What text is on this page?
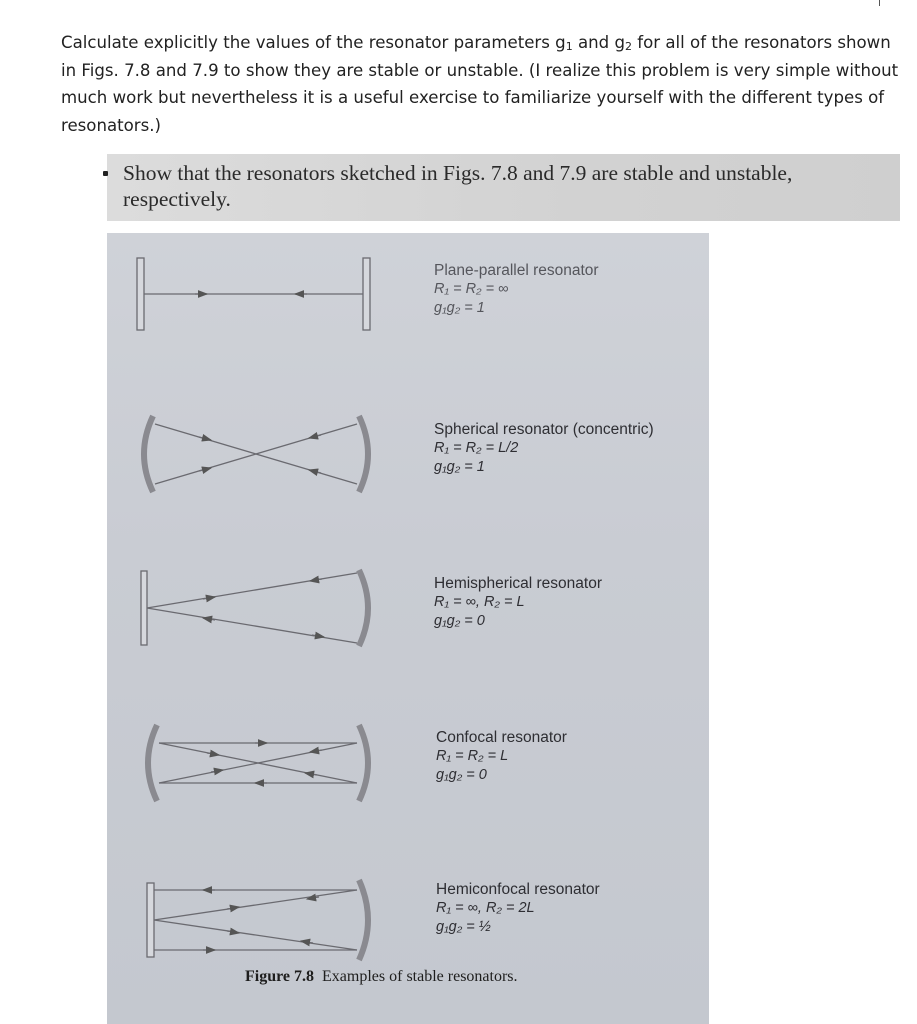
Calculate explicitly the values of the resonator parameters $g_1$ and $g_2$ for all of the resonators shown in Figs. 7.8 and 7.9 to show they are stable or unstable. (I realize this problem is very simple without much work but nevertheless it is a useful exercise to familiarize yourself with the different types of resonators.)
Show that the resonators sketched in Figs. 7.8 and 7.9 are stable and unstable, respectively.
Plane-parallel resonator
R₁ = R₂ = ∞
g₁g₂ = 1
Spherical resonator (concentric)
R₁ = R₂ = L/2
g₁g₂ = 1
Hemispherical resonator
R₁ = ∞, R₂ = L
g₁g₂ = 0
Confocal resonator
R₁ = R₂ = L
g₁g₂ = 0
Hemiconfocal resonator
R₁ = ∞, R₂ = 2L
g₁g₂ = ½
Figure 7.8 Examples of stable resonators.
